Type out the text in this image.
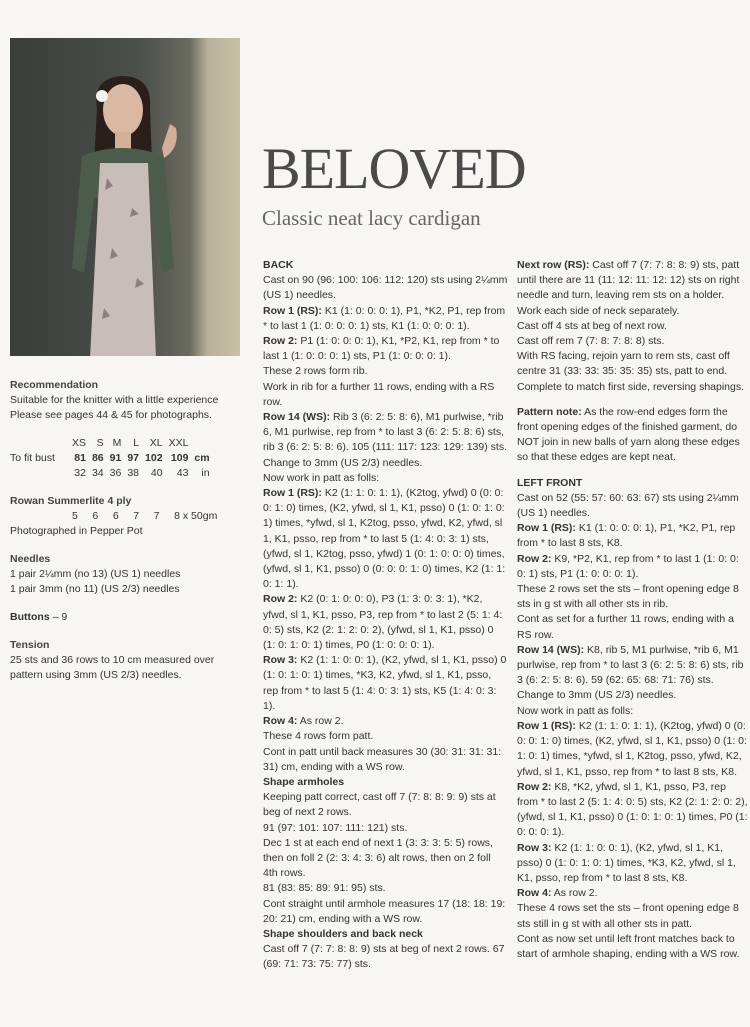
BELOVED
Classic neat lacy cardigan
Recommendation

Suitable for the knitter with a little experience

Please see pages 44 & 45 for photographs.

	XS	S	M	L	XL	XXL	
To fit bust	81	86	91	97	102	109	cm
	32	34	36	38	40	43	in
Rowan Summerlite 4 ply

5     6     6     7     7     8 x 50gm

Photographed in Pepper Pot

Needles

1 pair 2¼mm (no 13) (US 1) needles

1 pair 3mm (no 11) (US 2/3) needles

Buttons – 9

Tension

25 sts and 36 rows to 10 cm measured over

pattern using 3mm (US 2/3) needles.

BACK

Cast on 90 (96: 100: 106: 112: 120) sts using 2¼mm (US 1) needles.

Row 1 (RS): K1 (1: 0: 0: 0: 1), P1, *K2, P1, rep from * to last 1 (1: 0: 0: 0: 1) sts, K1 (1: 0: 0: 0: 1).

Row 2: P1 (1: 0: 0: 0: 1), K1, *P2, K1, rep from * to last 1 (1: 0: 0: 0: 1) sts, P1 (1: 0: 0: 0: 1).

These 2 rows form rib.

Work in rib for a further 11 rows, ending with a RS row.

Row 14 (WS): Rib 3 (6: 2: 5: 8: 6), M1 purlwise, *rib 6, M1 purlwise, rep from * to last 3 (6: 2: 5: 8: 6) sts, rib 3 (6: 2: 5: 8: 6). 105 (111: 117: 123: 129: 139) sts.

Change to 3mm (US 2/3) needles.

Now work in patt as folls:

Row 1 (RS): K2 (1: 1: 0: 1: 1), (K2tog, yfwd) 0 (0: 0: 0: 1: 0) times, (K2, yfwd, sl 1, K1, psso) 0 (1: 0: 1: 0: 1) times, *yfwd, sl 1, K2tog, psso, yfwd, K2, yfwd, sl 1, K1, psso, rep from * to last 5 (1: 4: 0: 3: 1) sts, (yfwd, sl 1, K2tog, psso, yfwd) 1 (0: 1: 0: 0: 0) times, (yfwd, sl 1, K1, psso) 0 (0: 0: 0: 1: 0) times, K2 (1: 1: 0: 1: 1).

Row 2: K2 (0: 1: 0: 0: 0), P3 (1: 3: 0: 3: 1), *K2, yfwd, sl 1, K1, psso, P3, rep from * to last 2 (5: 1: 4: 0: 5) sts, K2 (2: 1: 2: 0: 2), (yfwd, sl 1, K1, psso) 0 (1: 0: 1: 0: 1) times, P0 (1: 0: 0: 0: 1).

Row 3: K2 (1: 1: 0: 0: 1), (K2, yfwd, sl 1, K1, psso) 0 (1: 0: 1: 0: 1) times, *K3, K2, yfwd, sl 1, K1, psso, rep from * to last 5 (1: 4: 0: 3: 1) sts, K5 (1: 4: 0: 3: 1).

Row 4: As row 2.

These 4 rows form patt.

Cont in patt until back measures 30 (30: 31: 31: 31: 31) cm, ending with a WS row.

Shape armholes

Keeping patt correct, cast off 7 (7: 8: 8: 9: 9) sts at beg of next 2 rows.

91 (97: 101: 107: 111: 121) sts.

Dec 1 st at each end of next 1 (3: 3: 3: 5: 5) rows, then on foll 2 (2: 3: 4: 3: 6) alt rows, then on 2 foll 4th rows.

81 (83: 85: 89: 91: 95) sts.

Cont straight until armhole measures 17 (18: 18: 19: 20: 21) cm, ending with a WS row.

Shape shoulders and back neck

Cast off 7 (7: 7: 8: 8: 9) sts at beg of next 2 rows. 67 (69: 71: 73: 75: 77) sts.

Next row (RS): Cast off 7 (7: 7: 8: 8: 9) sts, patt until there are 11 (11: 12: 11: 12: 12) sts on right needle and turn, leaving rem sts on a holder.

Work each side of neck separately.

Cast off 4 sts at beg of next row.

Cast off rem 7 (7: 8: 7: 8: 8) sts.

With RS facing, rejoin yarn to rem sts, cast off centre 31 (33: 33: 35: 35: 35) sts, patt to end.

Complete to match first side, reversing shapings.

Pattern note: As the row-end edges form the front opening edges of the finished garment, do NOT join in new balls of yarn along these edges so that these edges are kept neat.

LEFT FRONT

Cast on 52 (55: 57: 60: 63: 67) sts using 2¼mm (US 1) needles.

Row 1 (RS): K1 (1: 0: 0: 0: 1), P1, *K2, P1, rep from * to last 8 sts, K8.

Row 2: K9, *P2, K1, rep from * to last 1 (1: 0: 0: 0: 1) sts, P1 (1: 0: 0: 0: 1).

These 2 rows set the sts – front opening edge 8 sts in g st with all other sts in rib.

Cont as set for a further 11 rows, ending with a RS row.

Row 14 (WS): K8, rib 5, M1 purlwise, *rib 6, M1 purlwise, rep from * to last 3 (6: 2: 5: 8: 6) sts, rib 3 (6: 2: 5: 8: 6). 59 (62: 65: 68: 71: 76) sts.

Change to 3mm (US 2/3) needles.

Now work in patt as folls:

Row 1 (RS): K2 (1: 1: 0: 1: 1), (K2tog, yfwd) 0 (0: 0: 0: 1: 0) times, (K2, yfwd, sl 1, K1, psso) 0 (1: 0: 1: 0: 1) times, *yfwd, sl 1, K2tog, psso, yfwd, K2, yfwd, sl 1, K1, psso, rep from * to last 8 sts, K8.

Row 2: K8, *K2, yfwd, sl 1, K1, psso, P3, rep from * to last 2 (5: 1: 4: 0: 5) sts, K2 (2: 1: 2: 0: 2), (yfwd, sl 1, K1, psso) 0 (1: 0: 1: 0: 1) times, P0 (1: 0: 0: 0: 1).

Row 3: K2 (1: 1: 0: 0: 1), (K2, yfwd, sl 1, K1, psso) 0 (1: 0: 1: 0: 1) times, *K3, K2, yfwd, sl 1, K1, psso, rep from * to last 8 sts, K8.

Row 4: As row 2.

These 4 rows set the sts – front opening edge 8 sts still in g st with all other sts in patt.

Cont as now set until left front matches back to start of armhole shaping, ending with a WS row.
